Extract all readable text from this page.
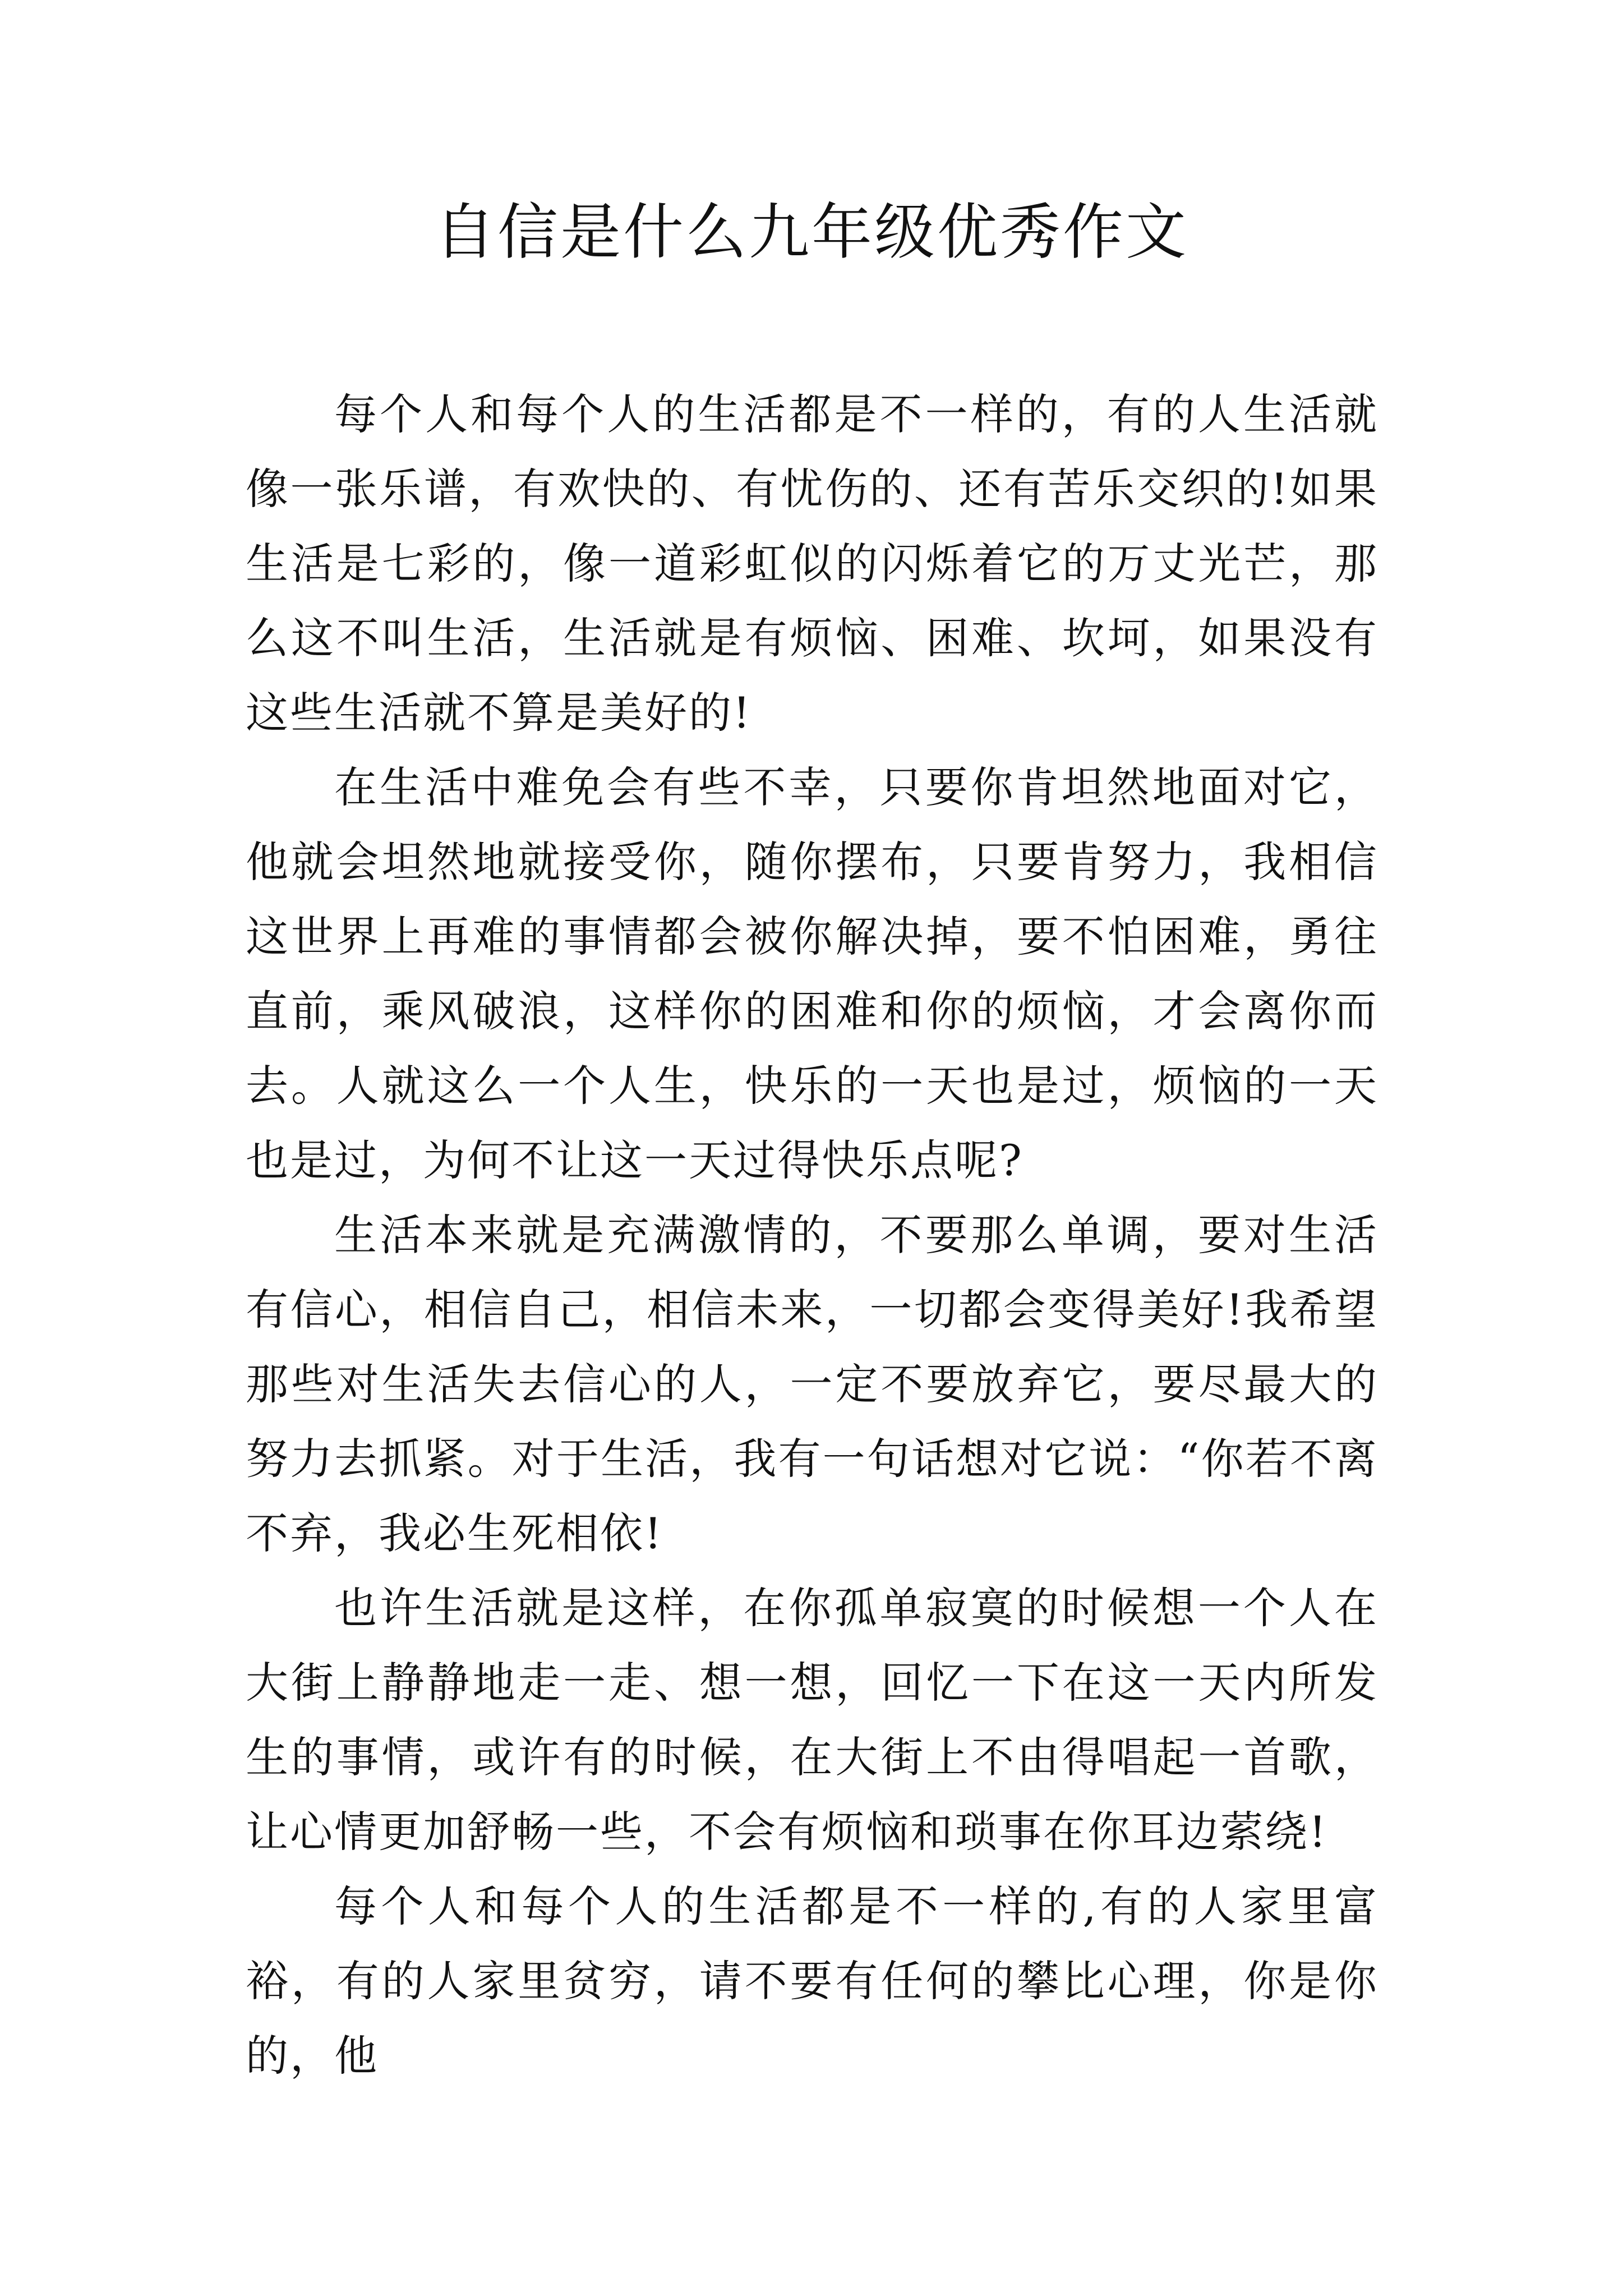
自信是什么九年级优秀作文

每个人和每个人的生活都是不一样的，有的人生活就像一张乐谱，有欢快的、有忧伤的、还有苦乐交织的!如果生活是七彩的，像一道彩虹似的闪烁着它的万丈光芒，那么这不叫生活，生活就是有烦恼、困难、坎坷，如果没有这些生活就不算是美好的!

在生活中难免会有些不幸，只要你肯坦然地面对它，他就会坦然地就接受你，随你摆布，只要肯努力，我相信这世界上再难的事情都会被你解决掉，要不怕困难，勇往直前，乘风破浪，这样你的困难和你的烦恼，才会离你而去。人就这么一个人生，快乐的一天也是过，烦恼的一天也是过，为何不让这一天过得快乐点呢?

生活本来就是充满激情的，不要那么单调，要对生活有信心，相信自己，相信未来，一切都会变得美好!我希望那些对生活失去信心的人，一定不要放弃它，要尽最大的努力去抓紧。对于生活，我有一句话想对它说：“你若不离不弃，我必生死相依!

也许生活就是这样，在你孤单寂寞的时候想一个人在大街上静静地走一走、想一想，回忆一下在这一天内所发生的事情，或许有的时候，在大街上不由得唱起一首歌，让心情更加舒畅一些，不会有烦恼和琐事在你耳边萦绕!

每个人和每个人的生活都是不一样的,有的人家里富裕，有的人家里贫穷，请不要有任何的攀比心理，你是你的，他
